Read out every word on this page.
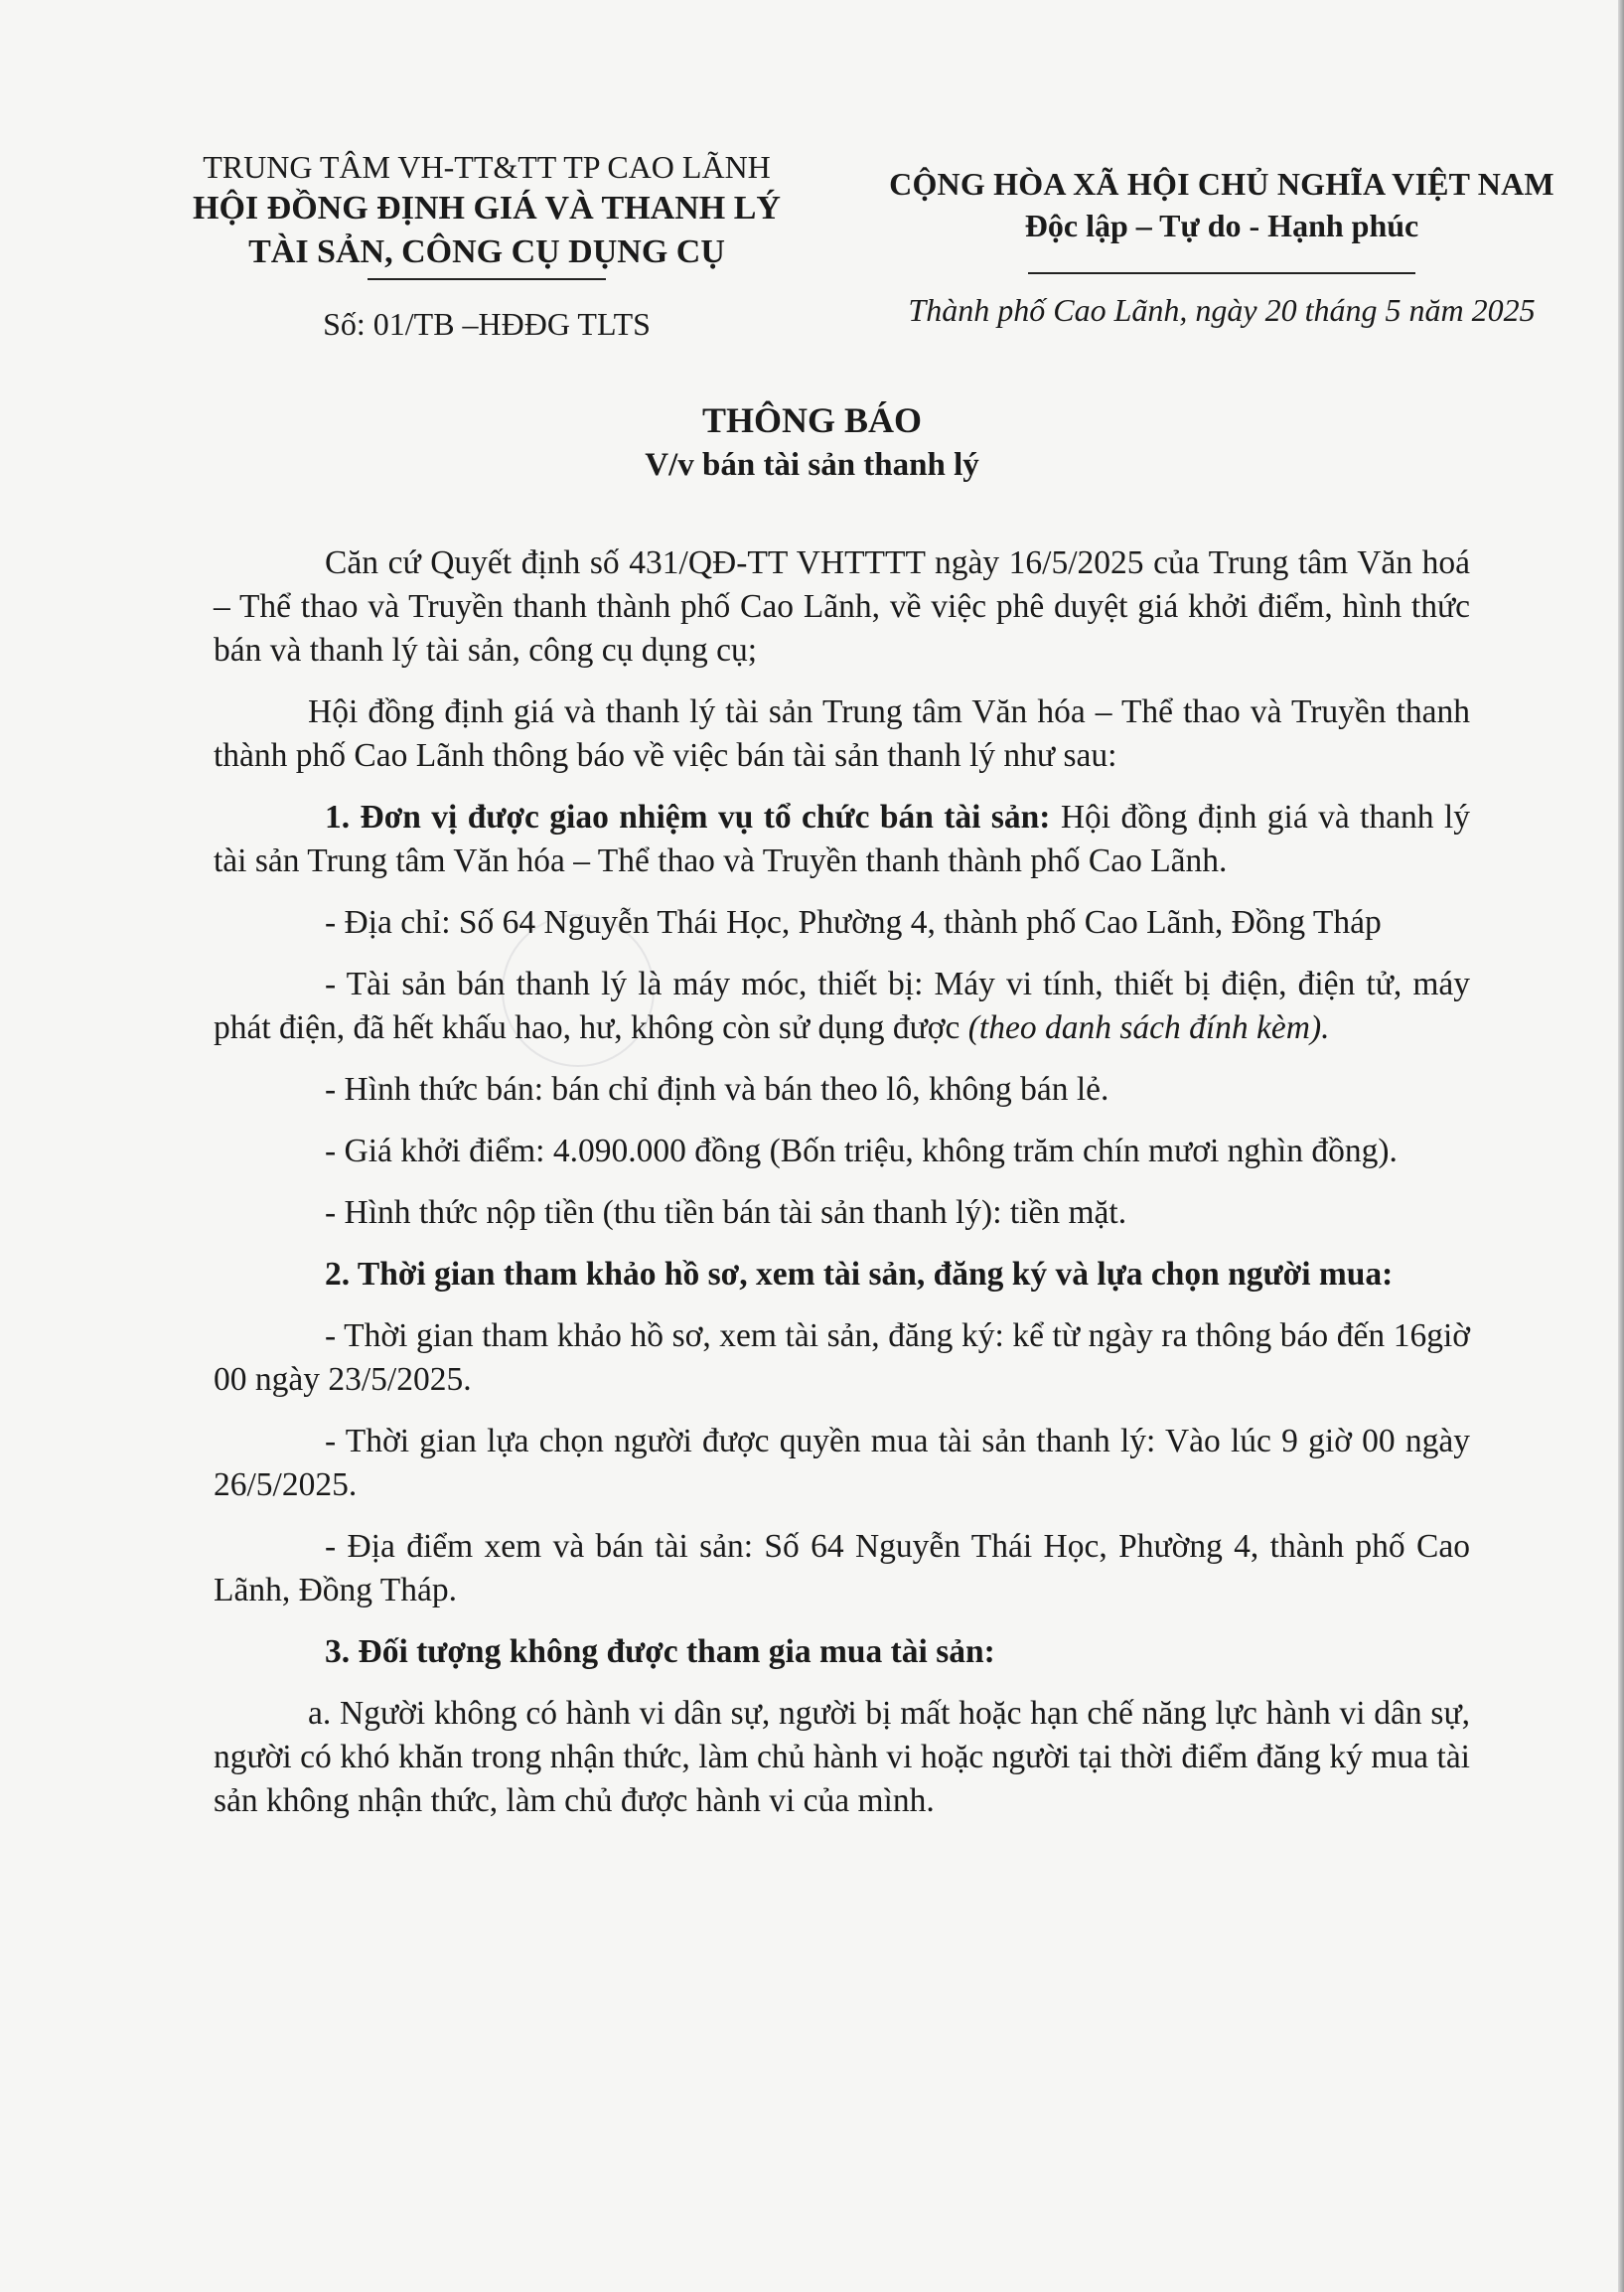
TRUNG TÂM VH-TT&TT TP CAO LÃNH
HỘI ĐỒNG ĐỊNH GIÁ VÀ THANH LÝ
TÀI SẢN, CÔNG CỤ DỤNG CỤ
Số: 01/TB –HĐĐG TLTS
CỘNG HÒA XÃ HỘI CHỦ NGHĨA VIỆT NAM
Độc lập – Tự do - Hạnh phúc
Thành phố Cao Lãnh, ngày 20 tháng 5 năm 2025
THÔNG BÁO
V/v bán tài sản thanh lý

Căn cứ Quyết định số 431/QĐ-TT VHTTTT ngày 16/5/2025 của Trung tâm Văn hoá – Thể thao và Truyền thanh thành phố Cao Lãnh, về việc phê duyệt giá khởi điểm, hình thức bán và thanh lý tài sản, công cụ dụng cụ;

Hội đồng định giá và thanh lý tài sản Trung tâm Văn hóa – Thể thao và Truyền thanh thành phố Cao Lãnh thông báo về việc bán tài sản thanh lý như sau:

1. Đơn vị được giao nhiệm vụ tổ chức bán tài sản: Hội đồng định giá và thanh lý tài sản Trung tâm Văn hóa – Thể thao và Truyền thanh thành phố Cao Lãnh.

- Địa chỉ: Số 64 Nguyễn Thái Học, Phường 4, thành phố Cao Lãnh, Đồng Tháp

- Tài sản bán thanh lý là máy móc, thiết bị: Máy vi tính, thiết bị điện, điện tử, máy phát điện, đã hết khấu hao, hư, không còn sử dụng được (theo danh sách đính kèm).

- Hình thức bán: bán chỉ định và bán theo lô, không bán lẻ.

- Giá khởi điểm: 4.090.000 đồng (Bốn triệu, không trăm chín mươi nghìn đồng).

- Hình thức nộp tiền (thu tiền bán tài sản thanh lý): tiền mặt.

2. Thời gian tham khảo hồ sơ, xem tài sản, đăng ký và lựa chọn người mua:

- Thời gian tham khảo hồ sơ, xem tài sản, đăng ký: kể từ ngày ra thông báo đến 16giờ 00 ngày 23/5/2025.

- Thời gian lựa chọn người được quyền mua tài sản thanh lý: Vào lúc 9 giờ 00 ngày 26/5/2025.

- Địa điểm xem và bán tài sản: Số 64 Nguyễn Thái Học, Phường 4, thành phố Cao Lãnh, Đồng Tháp.

3. Đối tượng không được tham gia mua tài sản:

a. Người không có hành vi dân sự, người bị mất hoặc hạn chế năng lực hành vi dân sự, người có khó khăn trong nhận thức, làm chủ hành vi hoặc người tại thời điểm đăng ký mua tài sản không nhận thức, làm chủ được hành vi của mình.
